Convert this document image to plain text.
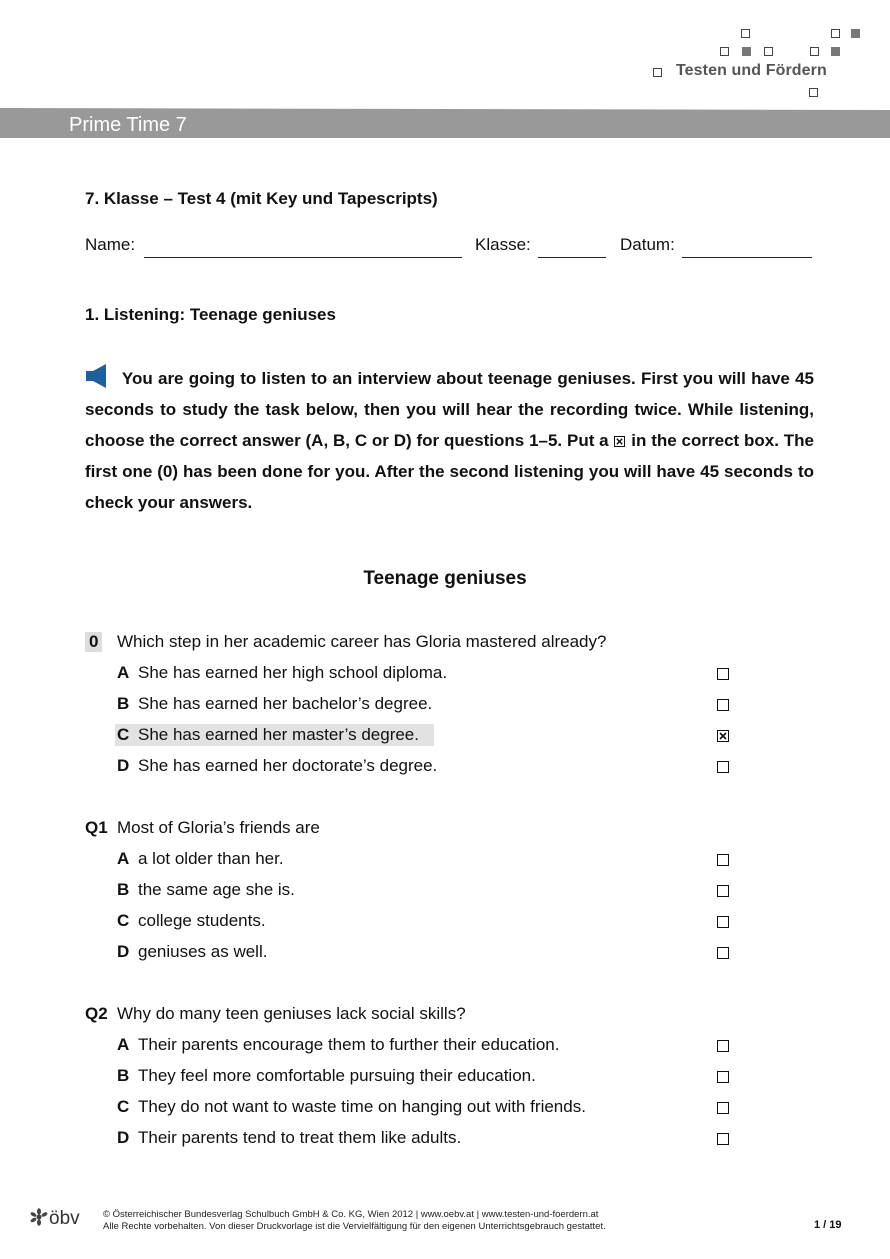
Testen und Fördern
Prime Time 7
7. Klasse – Test 4 (mit Key und Tapescripts)
Name:	Klasse:	Datum:
1. Listening: Teenage geniuses
You are going to listen to an interview about teenage geniuses. First you will have 45 seconds to study the task below, then you will hear the recording twice. While listening, choose the correct answer (A, B, C or D) for questions 1–5. Put a in the correct box. The first one (0) has been done for you. After the second listening you will have 45 seconds to check your answers.
Teenage geniuses
0 Which step in her academic career has Gloria mastered already?
A She has earned her high school diploma.
B She has earned her bachelor’s degree.
C She has earned her master’s degree.
D She has earned her doctorate’s degree.
Q1 Most of Gloria’s friends are
A a lot older than her.
B the same age she is.
C college students.
D geniuses as well.
Q2 Why do many teen geniuses lack social skills?
A Their parents encourage them to further their education.
B They feel more comfortable pursuing their education.
C They do not want to waste time on hanging out with friends.
D Their parents tend to treat them like adults.
öbv © Österreichischer Bundesverlag Schulbuch GmbH & Co. KG, Wien 2012 | www.oebv.at | www.testen-und-foerdern.at
Alle Rechte vorbehalten. Von dieser Druckvorlage ist die Vervielfältigung für den eigenen Unterrichtsgebrauch gestattet.	1 / 19
